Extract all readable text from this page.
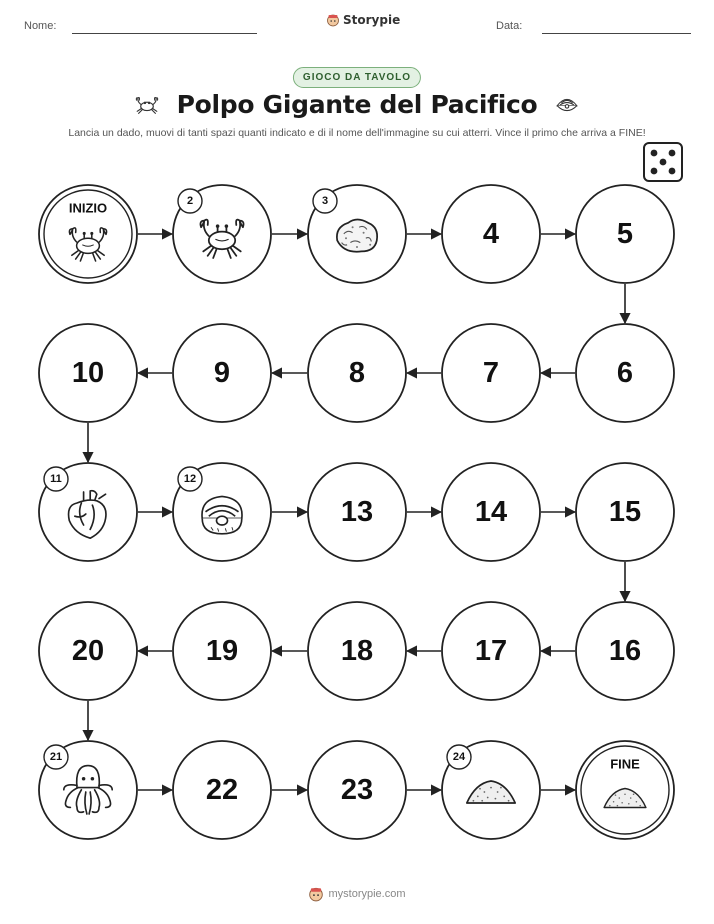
Nome:	Storypie	Data:
GIOCO DA TAVOLO
Polpo Gigante del Pacifico
Lancia un dado, muovi di tanti spazi quanti indicato e di il nome dell'immagine su cui atterri. Vince il primo che arriva a FINE!
INIZIO	2	3
4	5
6
7
8
9
10
11	12
13	14	15
16
17
18
19
20
21
22	23
24	FINE
mystorypie.com
